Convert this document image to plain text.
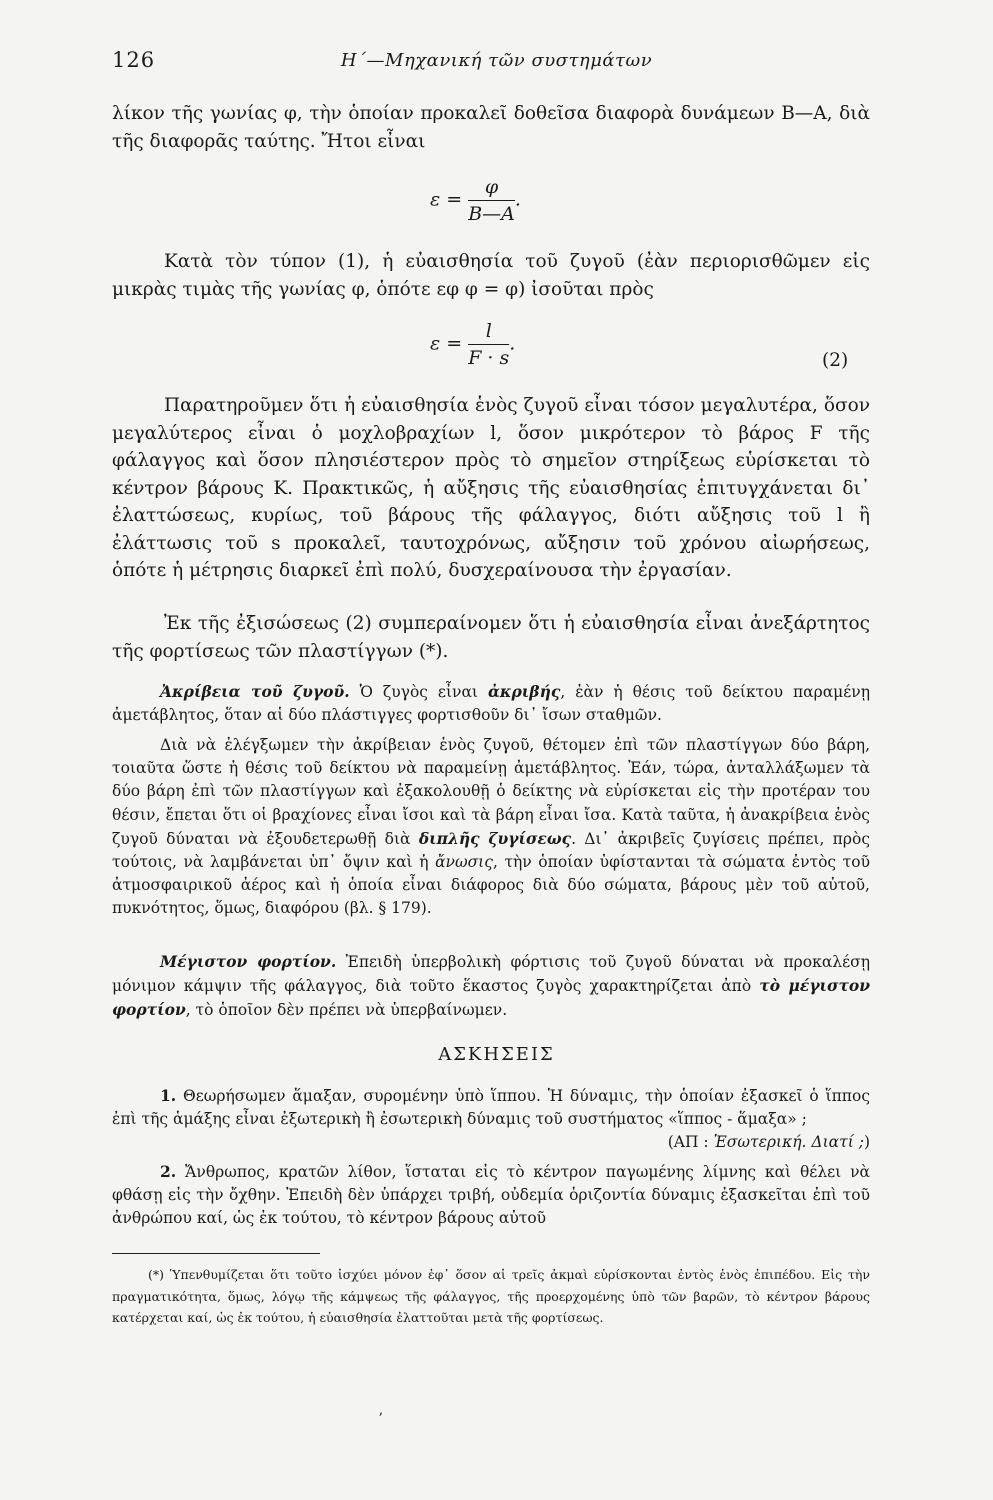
126	Η΄—Μηχανική τῶν συστημάτων
λίκον τῆς γωνίας φ, τὴν ὁποίαν προκαλεῖ δοθεῖσα διαφορὰ δυνάμεων B—A, διὰ τῆς διαφορᾶς ταύτης. Ἤτοι εἶναι
$\varepsilon = \frac{\varphi}{B—A}$ .
Κατὰ τὸν τύπον (1), ἡ εὐαισθησία τοῦ ζυγοῦ (ἐὰν περιορισθῶμεν εἰς μικρὰς τιμὰς τῆς γωνίας φ, ὁπότε εφ φ = φ) ἰσοῦται πρὸς
$\varepsilon = \frac{l}{F \cdot s}$ .
(2)
Παρατηροῦμεν ὅτι ἡ εὐαισθησία ἑνὸς ζυγοῦ εἶναι τόσον μεγαλυτέρα, ὅσον μεγαλύτερος εἶναι ὁ μοχλοβραχίων l, ὅσον μικρότερον τὸ βάρος F τῆς φάλαγγος καὶ ὅσον πλησιέστερον πρὸς τὸ σημεῖον στηρίξεως εὑρίσκεται τὸ κέντρον βάρους K. Πρακτικῶς, ἡ αὔξησις τῆς εὐαισθησίας ἐπιτυγχάνεται δι᾽ ἐλαττώσεως, κυρίως, τοῦ βάρους τῆς φάλαγγος, διότι αὔξησις τοῦ l ἢ ἐλάττωσις τοῦ s προκαλεῖ, ταυτοχρόνως, αὔξησιν τοῦ χρόνου αἰωρήσεως, ὁπότε ἡ μέτρησις διαρκεῖ ἐπὶ πολύ, δυσχεραίνουσα τὴν ἐργασίαν.
Ἐκ τῆς ἐξισώσεως (2) συμπεραίνομεν ὅτι ἡ εὐαισθησία εἶναι ἀνεξάρτητος τῆς φορτίσεως τῶν πλαστίγγων (*).
Ἀκρίβεια τοῦ ζυγοῦ. Ὁ ζυγὸς εἶναι ἀκριβής, ἐὰν ἡ θέσις τοῦ δείκτου παραμένῃ ἀμετάβλητος, ὅταν αἱ δύο πλάστιγγες φορτισθοῦν δι᾽ ἴσων σταθμῶν.
Διὰ νὰ ἐλέγξωμεν τὴν ἀκρίβειαν ἑνὸς ζυγοῦ, θέτομεν ἐπὶ τῶν πλαστίγγων δύο βάρη, τοιαῦτα ὥστε ἡ θέσις τοῦ δείκτου νὰ παραμείνῃ ἀμετάβλητος. Ἐάν, τώρα, ἀνταλλάξωμεν τὰ δύο βάρη ἐπὶ τῶν πλαστίγγων καὶ ἐξακολουθῇ ὁ δείκτης νὰ εὑρίσκεται εἰς τὴν προτέραν του θέσιν, ἔπεται ὅτι οἱ βραχίονες εἶναι ἴσοι καὶ τὰ βάρη εἶναι ἴσα. Κατὰ ταῦτα, ἡ ἀνακρίβεια ἑνὸς ζυγοῦ δύναται νὰ ἐξουδετερωθῇ διὰ διπλῆς ζυγίσεως. Δι᾽ ἀκριβεῖς ζυγίσεις πρέπει, πρὸς τούτοις, νὰ λαμβάνεται ὑπ᾽ ὄψιν καὶ ἡ ἄνωσις, τὴν ὁποίαν ὑφίστανται τὰ σώματα ἐντὸς τοῦ ἀτμοσφαιρικοῦ ἀέρος καὶ ἡ ὁποία εἶναι διάφορος διὰ δύο σώματα, βάρους μὲν τοῦ αὐτοῦ, πυκνότητος, ὅμως, διαφόρου (βλ. § 179).
Μέγιστον φορτίον. Ἐπειδὴ ὑπερβολικὴ φόρτισις τοῦ ζυγοῦ δύναται νὰ προκαλέσῃ μόνιμον κάμψιν τῆς φάλαγγος, διὰ τοῦτο ἕκαστος ζυγὸς χαρακτηρίζεται ἀπὸ τὸ μέγιστον φορτίον, τὸ ὁποῖον δὲν πρέπει νὰ ὑπερβαίνωμεν.
ΑΣΚΗΣΕΙΣ
1. Θεωρήσωμεν ἅμαξαν, συρομένην ὑπὸ ἵππου. Ἡ δύναμις, τὴν ὁποίαν ἐξασκεῖ ὁ ἵππος ἐπὶ τῆς ἁμάξης εἶναι ἐξωτερικὴ ἢ ἐσωτερικὴ δύναμις τοῦ συστήματος «ἵππος - ἅμαξα» ;
(ΑΠ : Ἐσωτερική. Διατί ;)
2. Ἄνθρωπος, κρατῶν λίθον, ἵσταται εἰς τὸ κέντρον παγωμένης λίμνης καὶ θέλει νὰ φθάσῃ εἰς τὴν ὄχθην. Ἐπειδὴ δὲν ὑπάρχει τριβή, οὐδεμία ὁριζοντία δύναμις ἐξασκεῖται ἐπὶ τοῦ ἀνθρώπου καί, ὡς ἐκ τούτου, τὸ κέντρον βάρους αὐτοῦ
(*) Ὑπενθυμίζεται ὅτι τοῦτο ἰσχύει μόνον ἐφ᾽ ὅσον αἱ τρεῖς ἀκμαὶ εὑρίσκονται ἐντὸς ἑνὸς ἐπιπέδου. Εἰς τὴν πραγματικότητα, ὅμως, λόγῳ τῆς κάμψεως τῆς φάλαγγος, τῆς προερχομένης ὑπὸ τῶν βαρῶν, τὸ κέντρον βάρους κατέρχεται καί, ὡς ἐκ τούτου, ἡ εὐαισθησία ἐλαττοῦται μετὰ τῆς φορτίσεως.
ʼ
